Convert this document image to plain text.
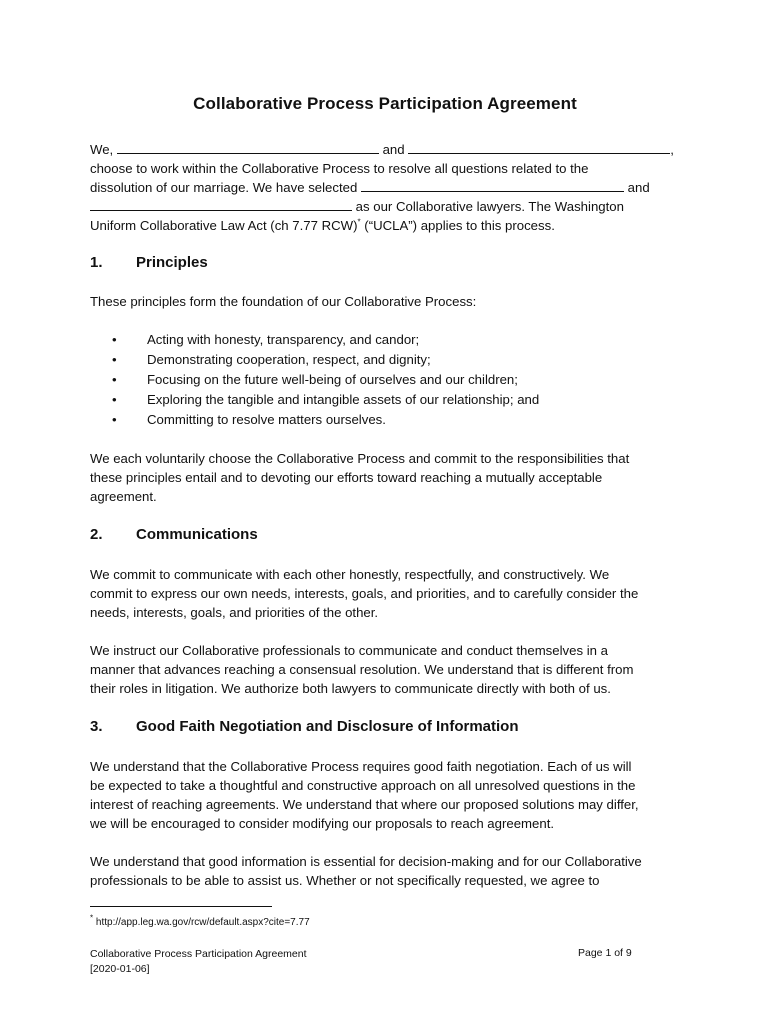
Collaborative Process Participation Agreement
We,	and	,
choose to work within the Collaborative Process to resolve all questions related to the
dissolution of our marriage. We have selected	and
as our Collaborative lawyers. The Washington
Uniform Collaborative Law Act (ch 7.77 RCW)* (“UCLA”) applies to this process.
1. Principles

These principles form the foundation of our Collaborative Process:

• Acting with honesty, transparency, and candor;
• Demonstrating cooperation, respect, and dignity;
• Focusing on the future well-being of ourselves and our children;
• Exploring the tangible and intangible assets of our relationship; and
• Committing to resolve matters ourselves.
We each voluntarily choose the Collaborative Process and commit to the responsibilities that
these principles entail and to devoting our efforts toward reaching a mutually acceptable
agreement.
2. Communications
We commit to communicate with each other honestly, respectfully, and constructively. We
commit to express our own needs, interests, goals, and priorities, and to carefully consider the
needs, interests, goals, and priorities of the other.
We instruct our Collaborative professionals to communicate and conduct themselves in a
manner that advances reaching a consensual resolution. We understand that is different from
their roles in litigation. We authorize both lawyers to communicate directly with both of us.
3. Good Faith Negotiation and Disclosure of Information
We understand that the Collaborative Process requires good faith negotiation. Each of us will
be expected to take a thoughtful and constructive approach on all unresolved questions in the
interest of reaching agreements. We understand that where our proposed solutions may differ,
we will be encouraged to consider modifying our proposals to reach agreement.
We understand that good information is essential for decision-making and for our Collaborative
professionals to be able to assist us. Whether or not specifically requested, we agree to

* http://app.leg.wa.gov/rcw/default.aspx?cite=7.77

Collaborative Process Participation Agreement
[2020-01-06]

Page 1 of 9
